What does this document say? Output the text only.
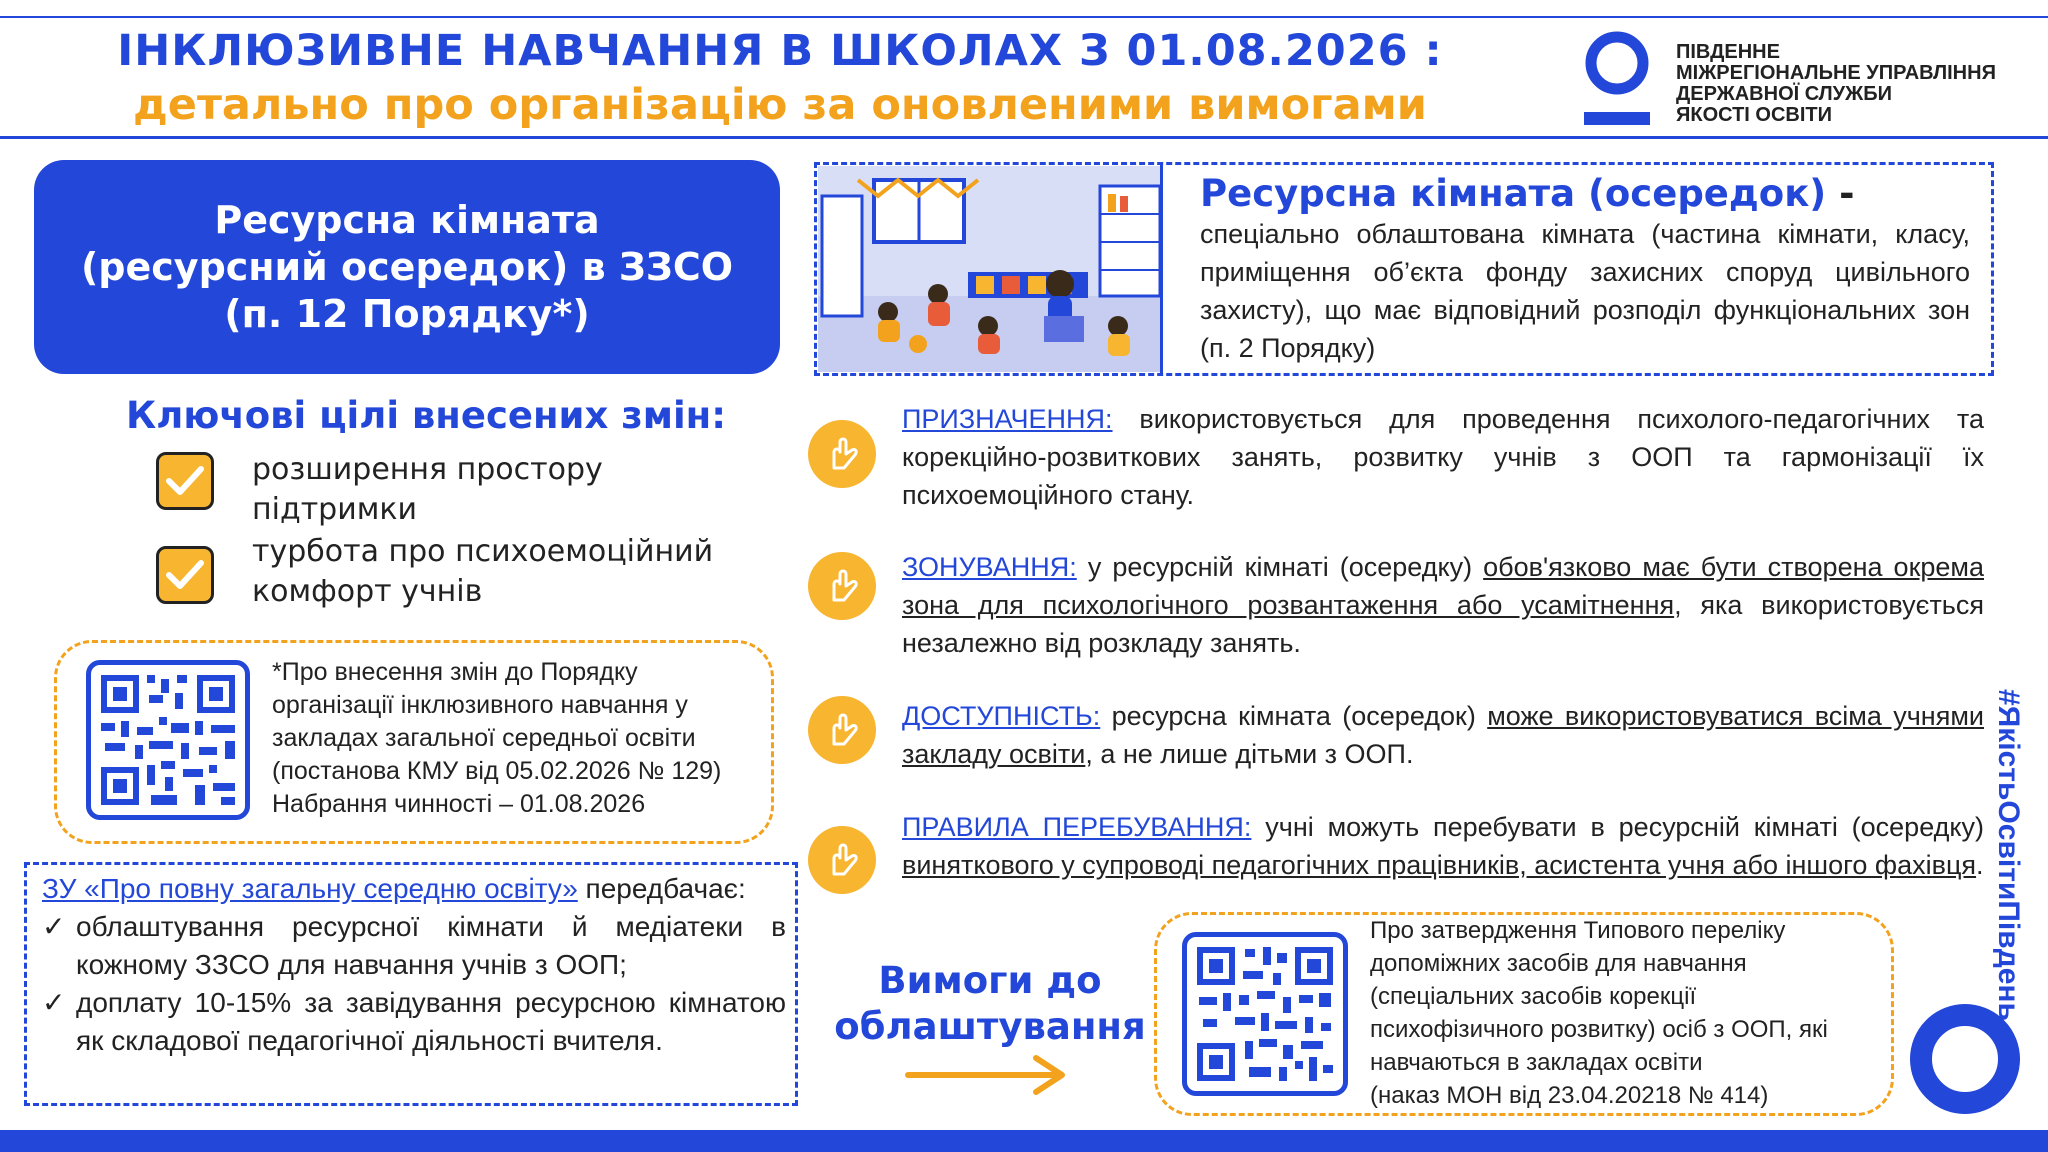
ІНКЛЮЗИВНЕ НАВЧАННЯ В ШКОЛАХ З 01.08.2026 :
детально про організацію за оновленими вимогами
ПІВДЕННЕ
МІЖРЕГІОНАЛЬНЕ УПРАВЛІННЯ
ДЕРЖАВНОЇ СЛУЖБИ
ЯКОСТІ ОСВІТИ
Ресурсна кімната
(ресурсний осередок) в ЗЗСО
(п. 12 Порядку*)
Ключові цілі внесених змін:
розширення простору підтримки
турбота про психоемоційний комфорт учнів
*Про внесення змін до Порядку
організації інклюзивного навчання у
закладах загальної середньої освіти
(постанова КМУ від 05.02.2026 № 129)
Набрання чинності – 01.08.2026
ЗУ «Про повну загальну середню освіту» передбачає:
✓ облаштування ресурсної кімнати й медіатеки в кожному ЗЗСО для навчання учнів з ООП;
✓ доплату 10-15% за завідування ресурсною кімнатою як складової педагогічної діяльності вчителя.
Ресурсна кімната (осередок) -
спеціально облаштована кімната (частина кімнати, класу, приміщення об’єкта фонду захисних споруд цивільного захисту), що має відповідний розподіл функціональних зон (п. 2 Порядку)
ПРИЗНАЧЕННЯ: використовується для проведення психолого-педагогічних та корекційно-розвиткових занять, розвитку учнів з ООП та гармонізації їх психоемоційного стану.
ЗОНУВАННЯ: у ресурсній кімнаті (осередку) обов'язково має бути створена окрема зона для психологічного розвантаження або усамітнення, яка використовується незалежно від розкладу занять.
ДОСТУПНІСТЬ: ресурсна кімната (осередок) може використовуватися всіма учнями закладу освіти, а не лише дітьми з ООП.
ПРАВИЛА ПЕРЕБУВАННЯ: учні можуть перебувати в ресурсній кімнаті (осередку) виняткового у супроводі педагогічних працівників, асистента учня або іншого фахівця.
Вимоги до
облаштування
Про затвердження Типового переліку
допоміжних засобів для навчання
(спеціальних засобів корекції
психофізичного розвитку) осіб з ООП, які
навчаються в закладах освіти
(наказ МОН від 23.04.20218 № 414)
#ЯкістьОсвітиПівдень
